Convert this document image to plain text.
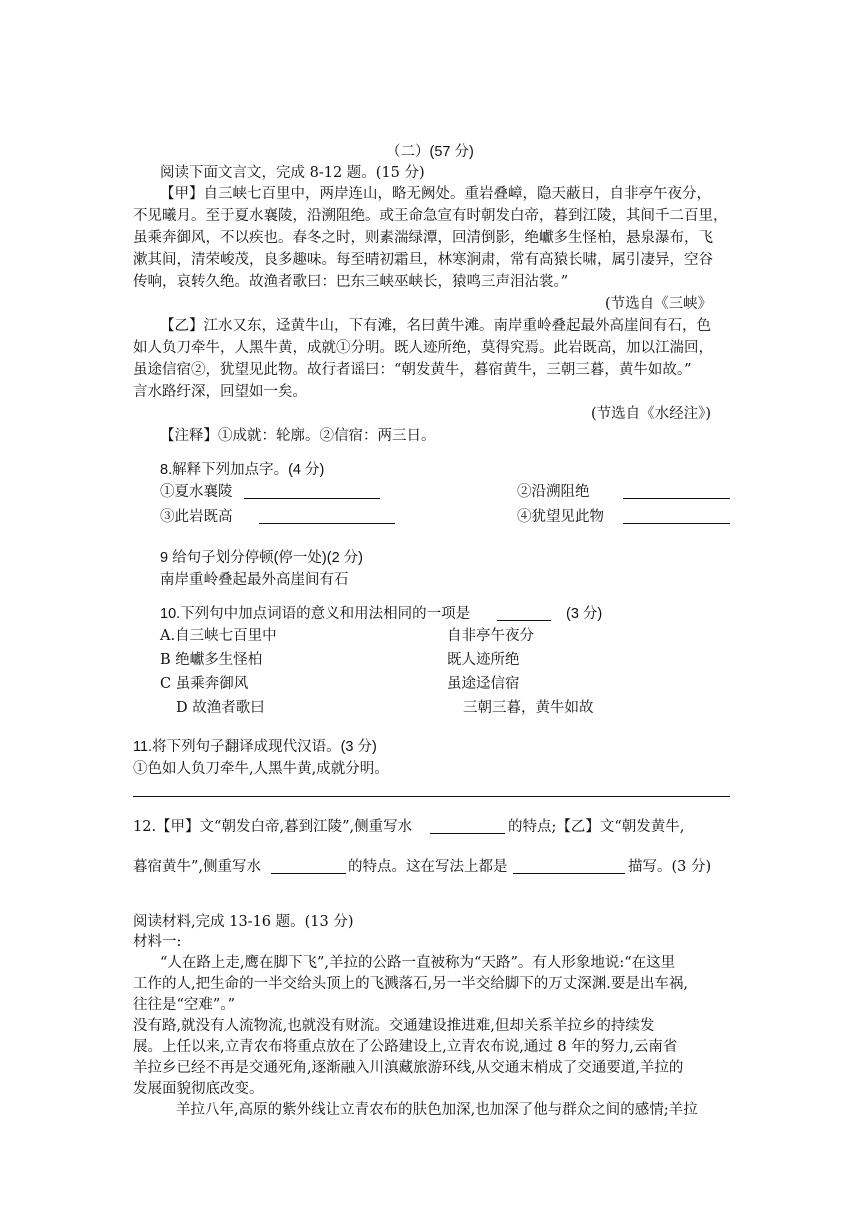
（二）(57 分)
阅读下面文言文，完成 8-12 题。(15 分)
【甲】自三峡七百里中，两岸连山，略无阙处。重岩叠嶂，隐天蔽日，自非亭午夜分，
不见曦月。至于夏水襄陵，沿溯阻绝。或王命急宣有时朝发白帝，暮到江陵，其间千二百里，
虽乘奔御风，不以疾也。春冬之时，则素湍绿潭，回清倒影，绝巘多生怪柏，悬泉瀑布，飞
漱其间，清荣峻茂，良多趣味。每至晴初霜旦，林寒涧肃，常有高猿长啸，属引凄异，空谷
传响，哀转久绝。故渔者歌曰：巴东三峡巫峡长，猿鸣三声泪沾裳。”
(节选自《三峡》
【乙】江水又东，迳黄牛山，下有滩，名曰黄牛滩。南岸重岭叠起最外高崖间有石，色
如人负刀牵牛，人黑牛黄，成就①分明。既人迹所绝，莫得究焉。此岩既高，加以江湍回，
虽途信宿②，犹望见此物。故行者谣曰：“朝发黄牛，暮宿黄牛，三朝三暮，黄牛如故。”
言水路纡深，回望如一矣。
(节选自《水经注》)
【注释】①成就：轮廓。②信宿：两三日。
8.解释下列加点字。(4 分)
①夏水襄陵	②沿溯阻绝
③此岩既高	④犹望见此物
9 给句子划分停顿(停一处)(2 分)
南岸重岭叠起最外高崖间有石
10.下列句中加点词语的意义和用法相同的一项是	(3 分)
A.自三峡七百里中	自非亭午夜分
B 绝巘多生怪柏	既人迹所绝
C 虽乘奔御风	虽途迳信宿
D 故渔者歌曰	三朝三暮，黄牛如故
11.将下列句子翻译成现代汉语。(3 分)
①色如人负刀牵牛,人黑牛黄,成就分明。
12.【甲】文“朝发白帝,暮到江陵”,侧重写水	的特点;【乙】文“朝发黄牛,
暮宿黄牛”,侧重写水	的特点。这在写法上都是	描写。(3 分)
阅读材料,完成 13-16 题。(13 分)
材料一:
“人在路上走,鹰在脚下飞”,羊拉的公路一直被称为“天路”。有人形象地说:“在这里
工作的人,把生命的一半交给头顶上的飞溅落石,另一半交给脚下的万丈深渊.要是出车祸,
往往是“空难”。”
没有路,就没有人流物流,也就没有财流。交通建设推进难,但却关系羊拉乡的持续发
展。上任以来,立青农布将重点放在了公路建设上,立青农布说,通过 8 年的努力,云南省
羊拉乡已经不再是交通死角,逐渐融入川滇藏旅游环线,从交通末梢成了交通要道,羊拉的
发展面貌彻底改变。
羊拉八年,高原的紫外线让立青农布的肤色加深,也加深了他与群众之间的感情;羊拉
